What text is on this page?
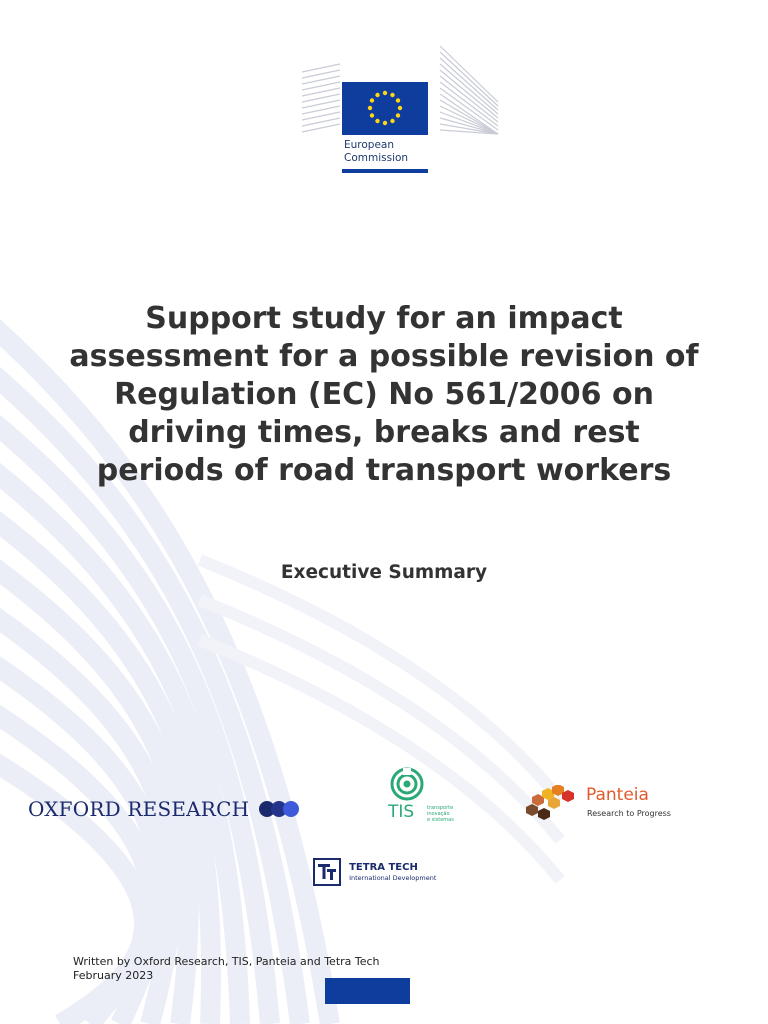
European
Commission
Support study for an impact assessment for a possible revision of Regulation (EC) No 561/2006 on driving times, breaks and rest periods of road transport workers
Executive Summary
OXFORD RESEARCH	TIS	transporte
inovação
e sistemas
Panteia
Research to Progress

TETRA TECH
International Development
Written by Oxford Research, TIS, Panteia and Tetra Tech
February 2023
